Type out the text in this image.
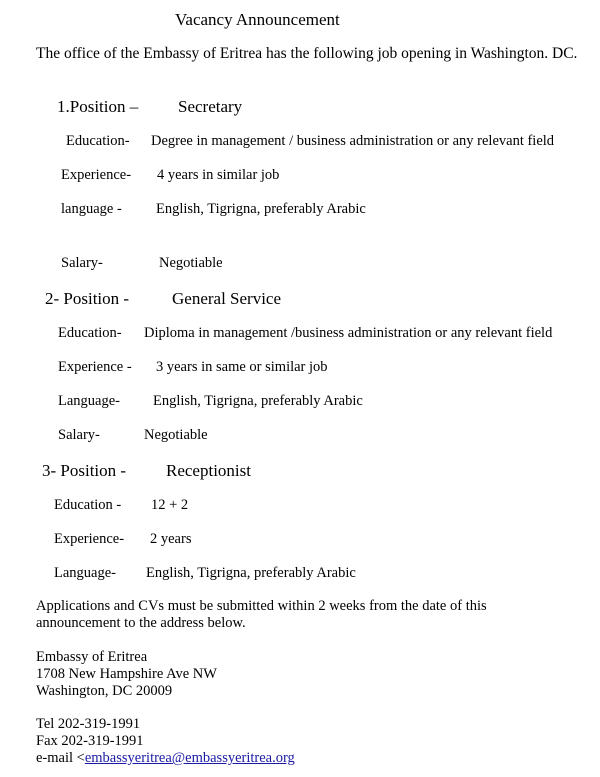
Vacancy Announcement
The office of the Embassy of Eritrea has the following job opening in Washington. DC.
1.Position – Secretary
Education- Degree in management / business administration or any relevant field
Experience- 4 years in similar job
language - English, Tigrigna, preferably Arabic
Salary-	Negotiable
2- Position -	General Service
Education- Diploma in management /business administration or any relevant field
Experience - 3 years in same or similar job
Language- English, Tigrigna, preferably Arabic
Salary-	Negotiable
3- Position - Receptionist
Education - 12 + 2
Experience- 2 years
Language- English, Tigrigna, preferably Arabic
Applications and CVs must be submitted within 2 weeks from the date of this
announcement to the address below.
Embassy of Eritrea
1708 New Hampshire Ave NW
Washington, DC 20009
Tel 202-319-1991
Fax 202-319-1991
e-mail <embassyeritrea@embassyeritrea.org
